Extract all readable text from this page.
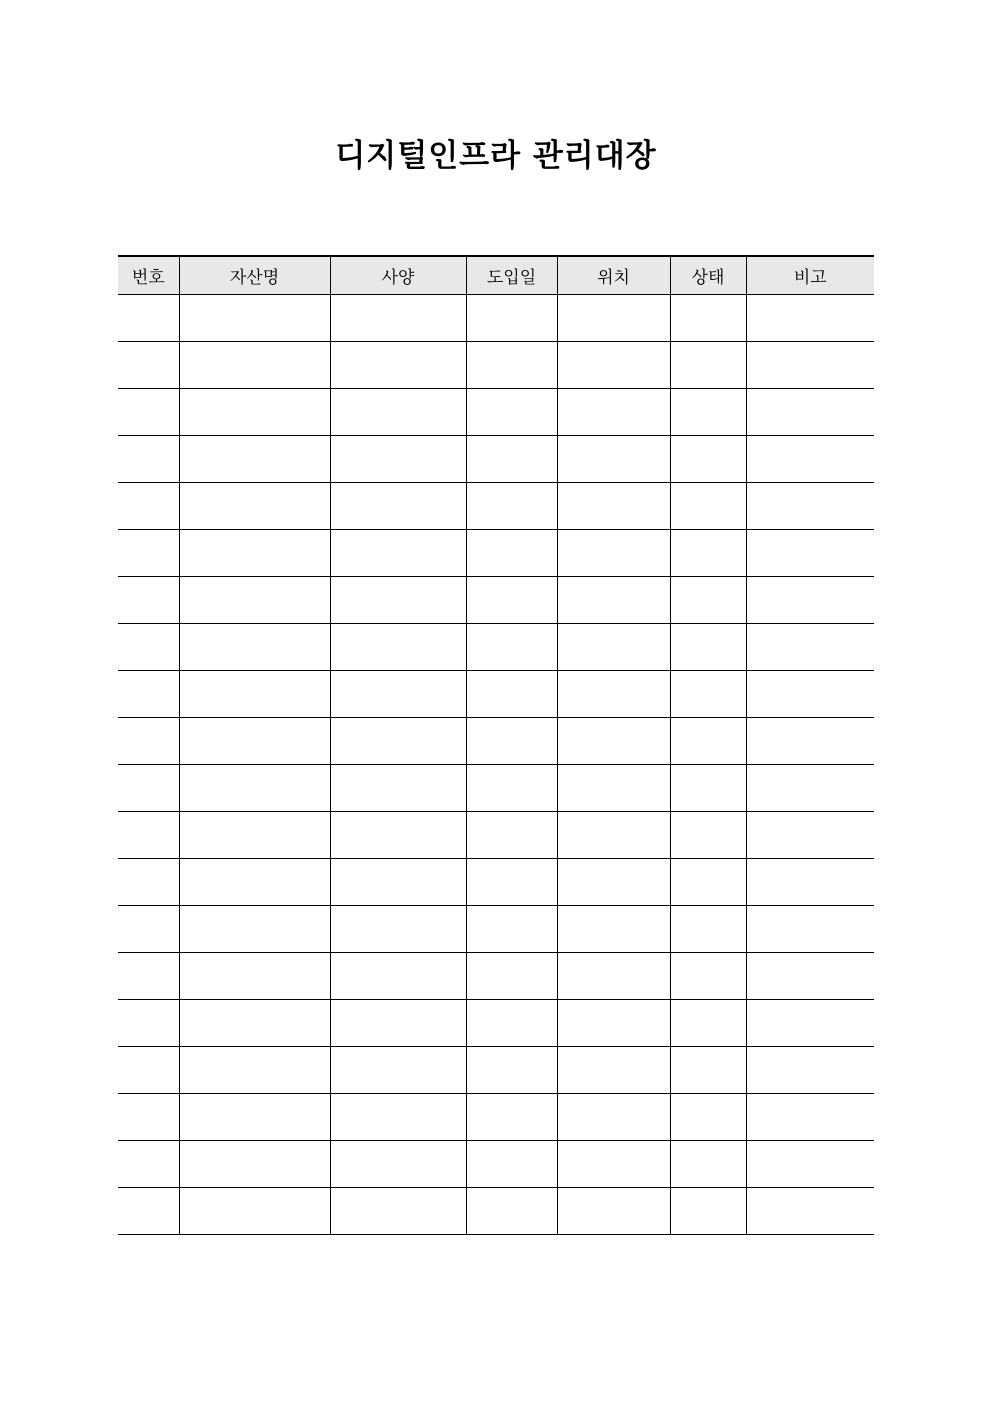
디지털인프라 관리대장
번호	자산명	사양	도입일	위치	상태	비고
